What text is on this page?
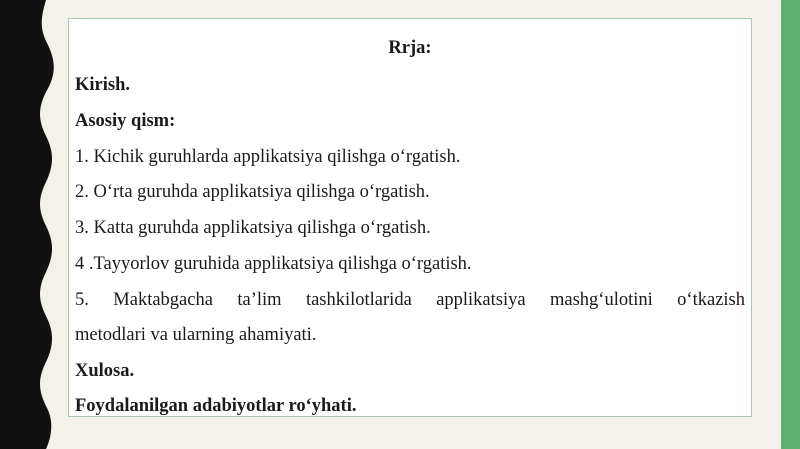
Rrja:
Kirish.
Asosiy qism:
1. Kichik guruhlarda applikatsiya qilishga o‘rgatish.
2. O‘rta guruhda applikatsiya qilishga o‘rgatish.
3. Katta guruhda applikatsiya qilishga o‘rgatish.
4 .Tayyorlov guruhida applikatsiya qilishga o‘rgatish.
5. Maktabgacha ta’lim tashkilotlarida applikatsiya mashg‘ulotini o‘tkazish
metodlari va ularning ahamiyati.
Xulosa.
Foydalanilgan adabiyotlar ro‘yhati.
